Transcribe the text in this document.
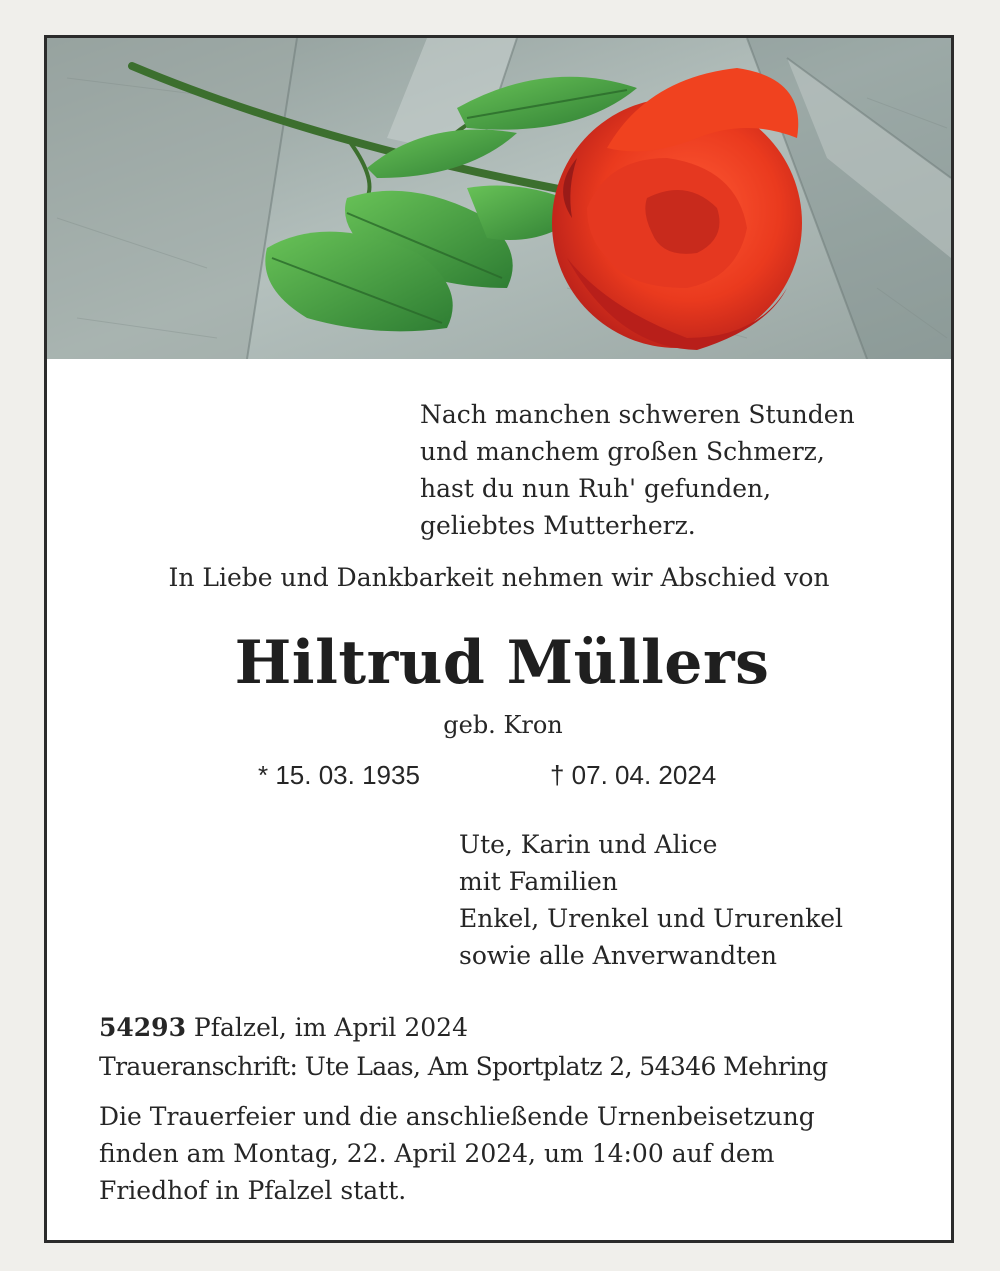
Nach manchen schweren Stunden
und manchem großen Schmerz,
hast du nun Ruh' gefunden,
geliebtes Mutterherz.
In Liebe und Dankbarkeit nehmen wir Abschied von
Hiltrud Müllers
geb. Kron
* 15. 03. 1935	† 07. 04. 2024
Ute, Karin und Alice
mit Familien
Enkel, Urenkel und Ururenkel
sowie alle Anverwandten
54293 Pfalzel, im April 2024
Traueranschrift: Ute Laas, Am Sportplatz 2, 54346 Mehring
Die Trauerfeier und die anschließende Urnenbeisetzung
finden am Montag, 22. April 2024, um 14:00 auf dem
Friedhof in Pfalzel statt.
